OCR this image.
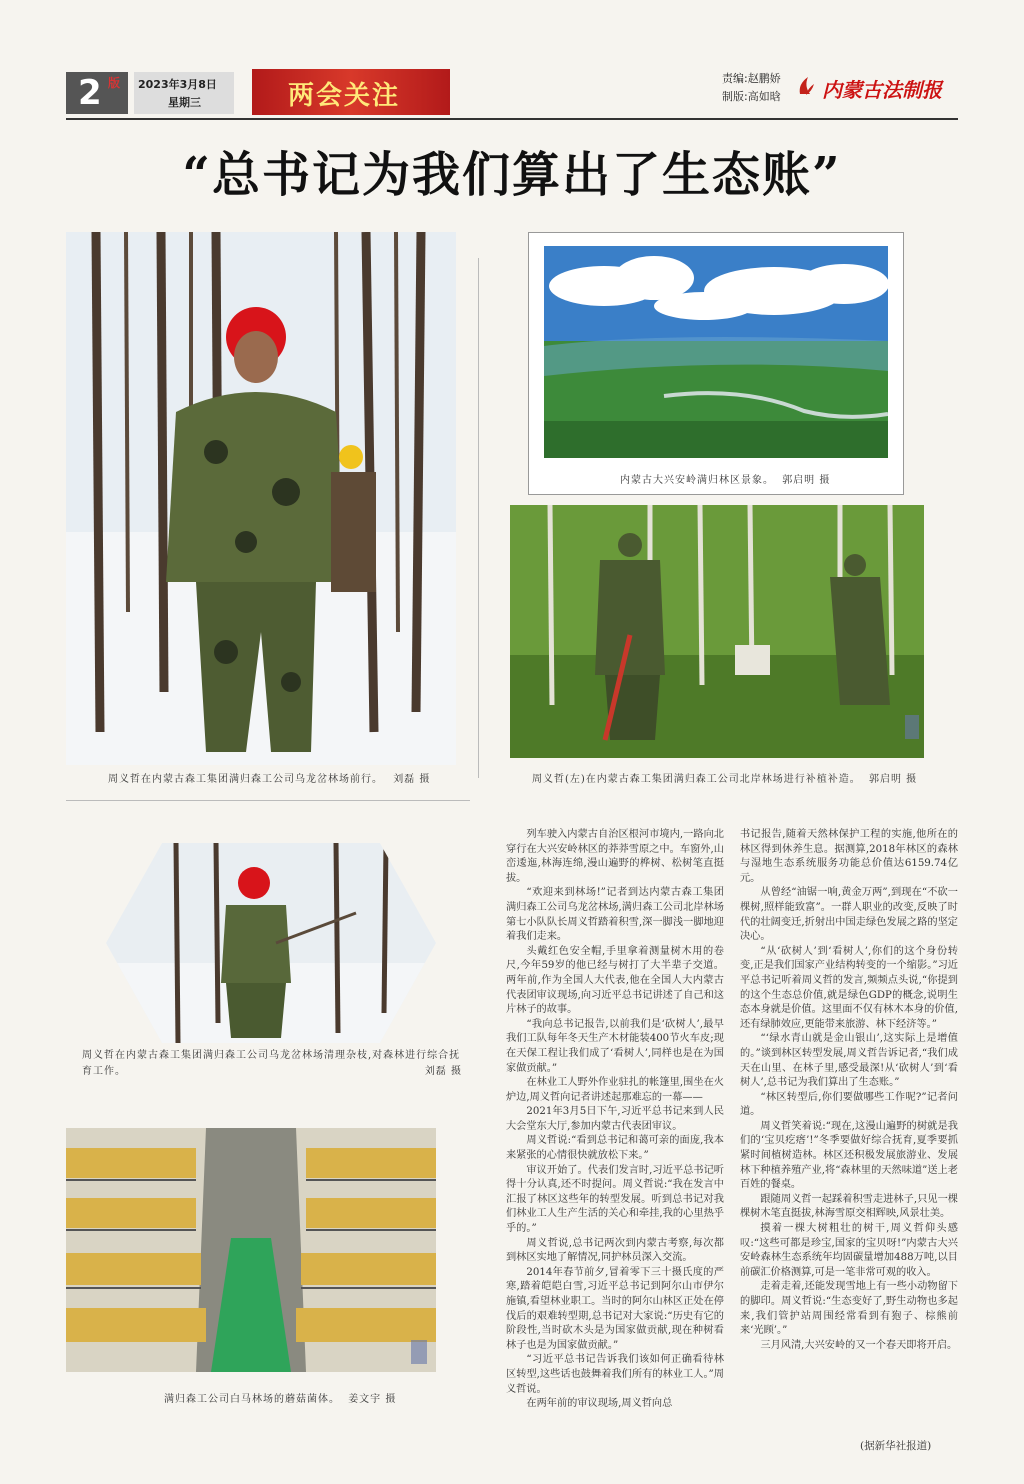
2 版 2023年3月8日
星期三	两会关注
责编:赵鹏娇
制版:高如晗 内蒙古法制报
“总书记为我们算出了生态账”
周义哲在内蒙古森工集团满归森工公司乌龙岔林场前行。 刘磊 摄
内蒙古大兴安岭满归林区景象。 郭启明 摄
周义哲(左)在内蒙古森工集团满归森工公司北岸林场进行补植补造。 郭启明 摄
周义哲在内蒙古森工集团满归森工公司乌龙岔林场清理杂枝,对森林进行综合抚育工作。	刘磊 摄
满归森工公司白马林场的蘑菇菌体。 姜文宇 摄

列车驶入内蒙古自治区根河市境内,一路向北穿行在大兴安岭林区的莽莽雪原之中。车窗外,山峦逶迤,林海连绵,漫山遍野的桦树、松树笔直挺拔。

“欢迎来到林场!”记者到达内蒙古森工集团满归森工公司乌龙岔林场,满归森工公司北岸林场第七小队队长周义哲踏着积雪,深一脚浅一脚地迎着我们走来。

头戴红色安全帽,手里拿着测量树木用的卷尺,今年59岁的他已经与树打了大半辈子交道。两年前,作为全国人大代表,他在全国人大内蒙古代表团审议现场,向习近平总书记讲述了自己和这片林子的故事。

“我向总书记报告,以前我们是‘砍树人’,最早我们工队每年冬天生产木材能装400节火车皮;现在天保工程让我们成了‘看树人’,同样也是在为国家做贡献。”

在林业工人野外作业驻扎的帐篷里,围坐在火炉边,周义哲向记者讲述起那难忘的一幕——

2021年3月5日下午,习近平总书记来到人民大会堂东大厅,参加内蒙古代表团审议。

周义哲说:“看到总书记和蔼可亲的面庞,我本来紧张的心情很快就放松下来。”

审议开始了。代表们发言时,习近平总书记听得十分认真,还不时提问。周义哲说:“我在发言中汇报了林区这些年的转型发展。听到总书记对我们林业工人生产生活的关心和牵挂,我的心里热乎乎的。”

周义哲说,总书记两次到内蒙古考察,每次都到林区实地了解情况,同护林员深入交流。

2014年春节前夕,冒着零下三十摄氏度的严寒,踏着皑皑白雪,习近平总书记到阿尔山市伊尔施镇,看望林业职工。当时的阿尔山林区正处在停伐后的艰难转型期,总书记对大家说:“历史有它的阶段性,当时砍木头是为国家做贡献,现在种树看林子也是为国家做贡献。”

“习近平总书记告诉我们该如何正确看待林区转型,这些话也鼓舞着我们所有的林业工人。”周义哲说。

在两年前的审议现场,周义哲向总

书记报告,随着天然林保护工程的实施,他所在的林区得到休养生息。据测算,2018年林区的森林与湿地生态系统服务功能总价值达6159.74亿元。

从曾经“油锯一响,黄金万两”,到现在“不砍一棵树,照样能致富”。一群人职业的改变,反映了时代的壮阔变迁,折射出中国走绿色发展之路的坚定决心。

“从‘砍树人’到‘看树人’,你们的这个身份转变,正是我们国家产业结构转变的一个缩影。”习近平总书记听着周义哲的发言,频频点头说,“你提到的这个生态总价值,就是绿色GDP的概念,说明生态本身就是价值。这里面不仅有林木本身的价值,还有绿肺效应,更能带来旅游、林下经济等。”

“‘绿水青山就是金山银山’,这实际上是增值的。”谈到林区转型发展,周义哲告诉记者,“我们成天在山里、在林子里,感受最深!从‘砍树人’到‘看树人’,总书记为我们算出了生态账。”

“林区转型后,你们要做哪些工作呢?”记者问道。

周义哲笑着说:“现在,这漫山遍野的树就是我们的‘宝贝疙瘩’!”冬季要做好综合抚育,夏季要抓紧时间植树造林。林区还积极发展旅游业、发展林下种植养殖产业,将“森林里的天然味道”送上老百姓的餐桌。

跟随周义哲一起踩着积雪走进林子,只见一棵棵树木笔直挺拔,林海雪原交相辉映,风景壮美。

摸着一棵大树粗壮的树干,周义哲仰头感叹:“这些可都是珍宝,国家的宝贝呀!”内蒙古大兴安岭森林生态系统年均固碳量增加488万吨,以目前碳汇价格测算,可是一笔非常可观的收入。

走着走着,还能发现雪地上有一些小动物留下的脚印。周义哲说:“生态变好了,野生动物也多起来,我们管护站周围经常看到有狍子、棕熊前来‘光顾’。”

三月风清,大兴安岭的又一个春天即将开启。

(据新华社报道)
